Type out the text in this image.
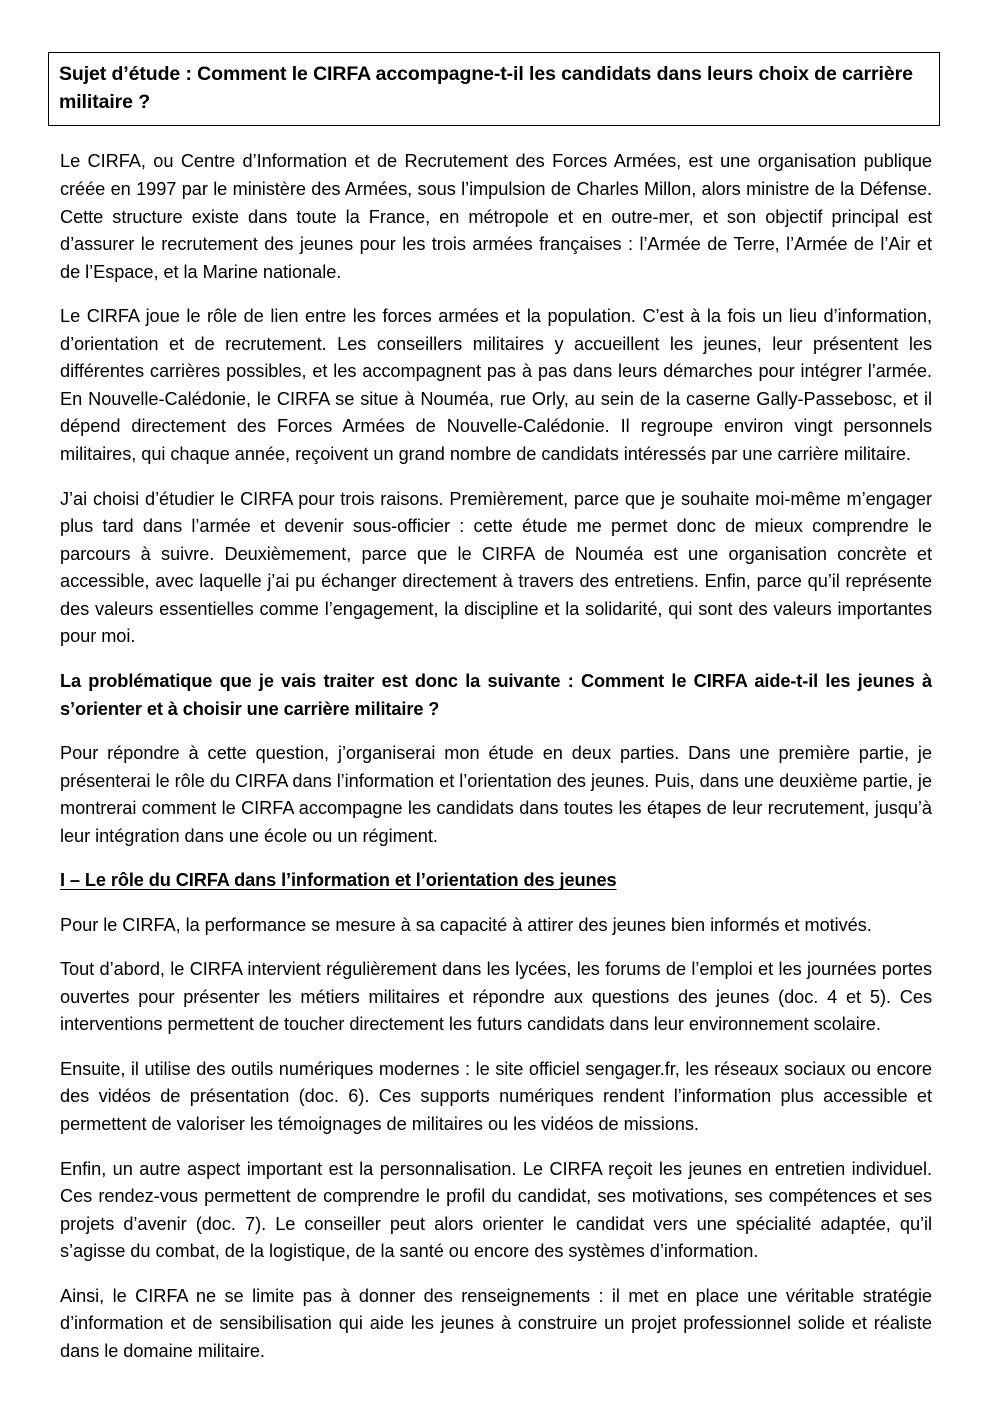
Sujet d’étude : Comment le CIRFA accompagne-t-il les candidats dans leurs choix de carrière militaire ?

Le CIRFA, ou Centre d’Information et de Recrutement des Forces Armées, est une organisation publique créée en 1997 par le ministère des Armées, sous l’impulsion de Charles Millon, alors ministre de la Défense. Cette structure existe dans toute la France, en métropole et en outre-mer, et son objectif principal est d’assurer le recrutement des jeunes pour les trois armées françaises : l’Armée de Terre, l’Armée de l’Air et de l’Espace, et la Marine nationale.

Le CIRFA joue le rôle de lien entre les forces armées et la population. C’est à la fois un lieu d’information, d’orientation et de recrutement. Les conseillers militaires y accueillent les jeunes, leur présentent les différentes carrières possibles, et les accompagnent pas à pas dans leurs démarches pour intégrer l’armée. En Nouvelle-Calédonie, le CIRFA se situe à Nouméa, rue Orly, au sein de la caserne Gally-Passebosc, et il dépend directement des Forces Armées de Nouvelle-Calédonie. Il regroupe environ vingt personnels militaires, qui chaque année, reçoivent un grand nombre de candidats intéressés par une carrière militaire.

J’ai choisi d’étudier le CIRFA pour trois raisons. Premièrement, parce que je souhaite moi-même m’engager plus tard dans l’armée et devenir sous-officier : cette étude me permet donc de mieux comprendre le parcours à suivre. Deuxièmement, parce que le CIRFA de Nouméa est une organisation concrète et accessible, avec laquelle j’ai pu échanger directement à travers des entretiens. Enfin, parce qu’il représente des valeurs essentielles comme l’engagement, la discipline et la solidarité, qui sont des valeurs importantes pour moi.

La problématique que je vais traiter est donc la suivante : Comment le CIRFA aide-t-il les jeunes à s’orienter et à choisir une carrière militaire ?

Pour répondre à cette question, j’organiserai mon étude en deux parties. Dans une première partie, je présenterai le rôle du CIRFA dans l’information et l’orientation des jeunes. Puis, dans une deuxième partie, je montrerai comment le CIRFA accompagne les candidats dans toutes les étapes de leur recrutement, jusqu’à leur intégration dans une école ou un régiment.

I – Le rôle du CIRFA dans l’information et l’orientation des jeunes

Pour le CIRFA, la performance se mesure à sa capacité à attirer des jeunes bien informés et motivés.

Tout d’abord, le CIRFA intervient régulièrement dans les lycées, les forums de l’emploi et les journées portes ouvertes pour présenter les métiers militaires et répondre aux questions des jeunes (doc. 4 et 5). Ces interventions permettent de toucher directement les futurs candidats dans leur environnement scolaire.

Ensuite, il utilise des outils numériques modernes : le site officiel sengager.fr, les réseaux sociaux ou encore des vidéos de présentation (doc. 6). Ces supports numériques rendent l’information plus accessible et permettent de valoriser les témoignages de militaires ou les vidéos de missions.

Enfin, un autre aspect important est la personnalisation. Le CIRFA reçoit les jeunes en entretien individuel. Ces rendez-vous permettent de comprendre le profil du candidat, ses motivations, ses compétences et ses projets d’avenir (doc. 7). Le conseiller peut alors orienter le candidat vers une spécialité adaptée, qu’il s’agisse du combat, de la logistique, de la santé ou encore des systèmes d’information.

Ainsi, le CIRFA ne se limite pas à donner des renseignements : il met en place une véritable stratégie d’information et de sensibilisation qui aide les jeunes à construire un projet professionnel solide et réaliste dans le domaine militaire.
